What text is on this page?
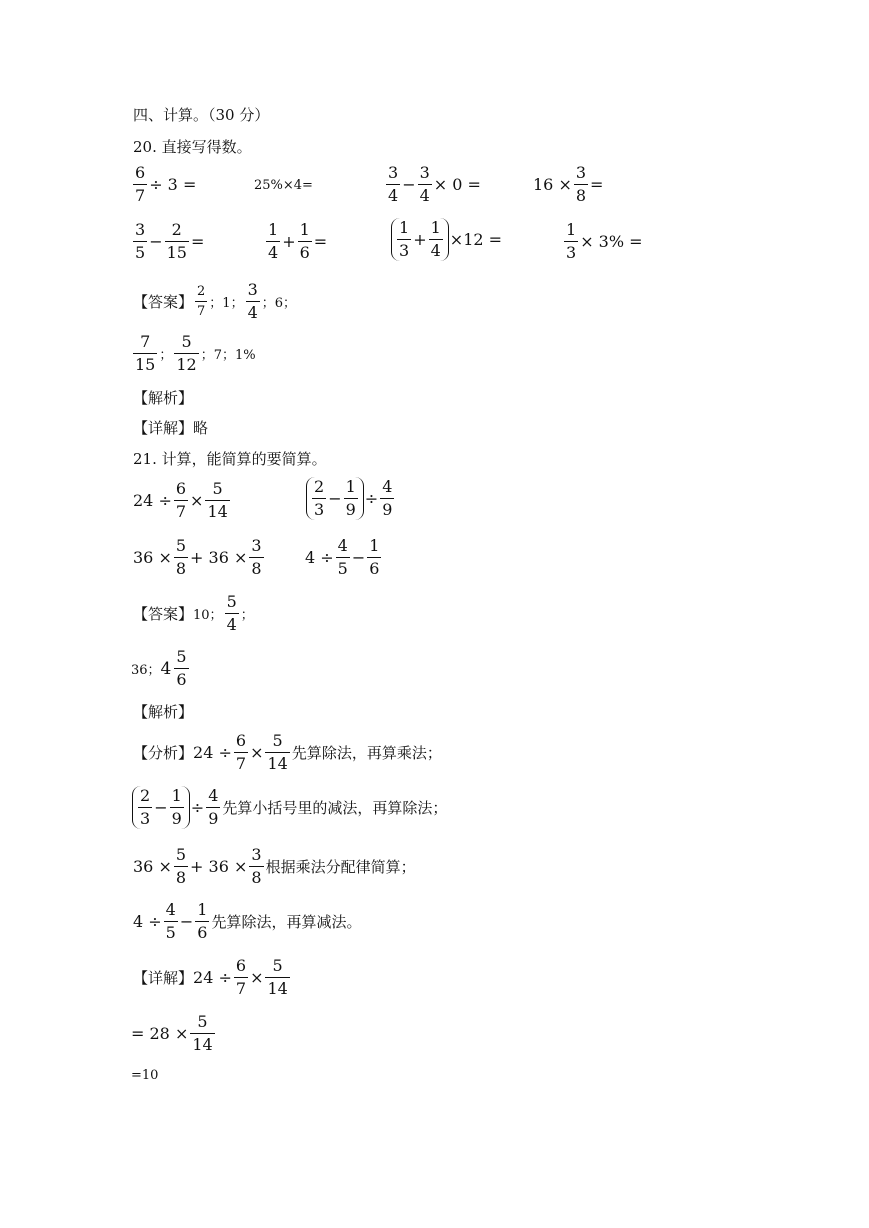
四、计算。（30 分）
20. 直接写得数。
$\frac{6}{7} \div 3$ =	25%×4=	$\frac{3}{4} - \frac{3}{4} \times 0$ =	$16 \times \frac{3}{8}$ =
$\frac{3}{5} - \frac{2}{15}$ =	$\frac{1}{4} + \frac{1}{6}$ =	$\frac{1}{3} + \frac{1}{4} \times 12$ =	$\frac{1}{3} \times 3\%$ =
【答案】 $\frac{2}{7}$ ；1； $\frac{3}{4}$ ；6；
$\frac{7}{15}$ ； $\frac{5}{12}$ ；7；1%
【解析】
【详解】 略
21. 计算，能简算的要简算。
$24 \div \frac{6}{7} \times \frac{5}{14}$	$\frac{2}{3} - \frac{1}{9} \div \frac{4}{9}$
$36 \times \frac{5}{8} + 36 \times \frac{3}{8}$	$4 \div \frac{4}{5} - \frac{1}{6}$
【答案】 10； $\frac{5}{4}$ ；
36； $4 \frac{5}{6}$
【解析】
【分析】 $24 \div \frac{6}{7} \times \frac{5}{14}$ 先算除法，再算乘法；
$\frac{2}{3} - \frac{1}{9} \div \frac{4}{9}$ 先算小括号里的减法，再算除法；
$36 \times \frac{5}{8} + 36 \times \frac{3}{8}$ 根据乘法分配律简算；
$4 \div \frac{4}{5} - \frac{1}{6}$ 先算除法，再算减法。
【详解】 $24 \div \frac{6}{7} \times \frac{5}{14}$
= $28 \times \frac{5}{14}$
=10
